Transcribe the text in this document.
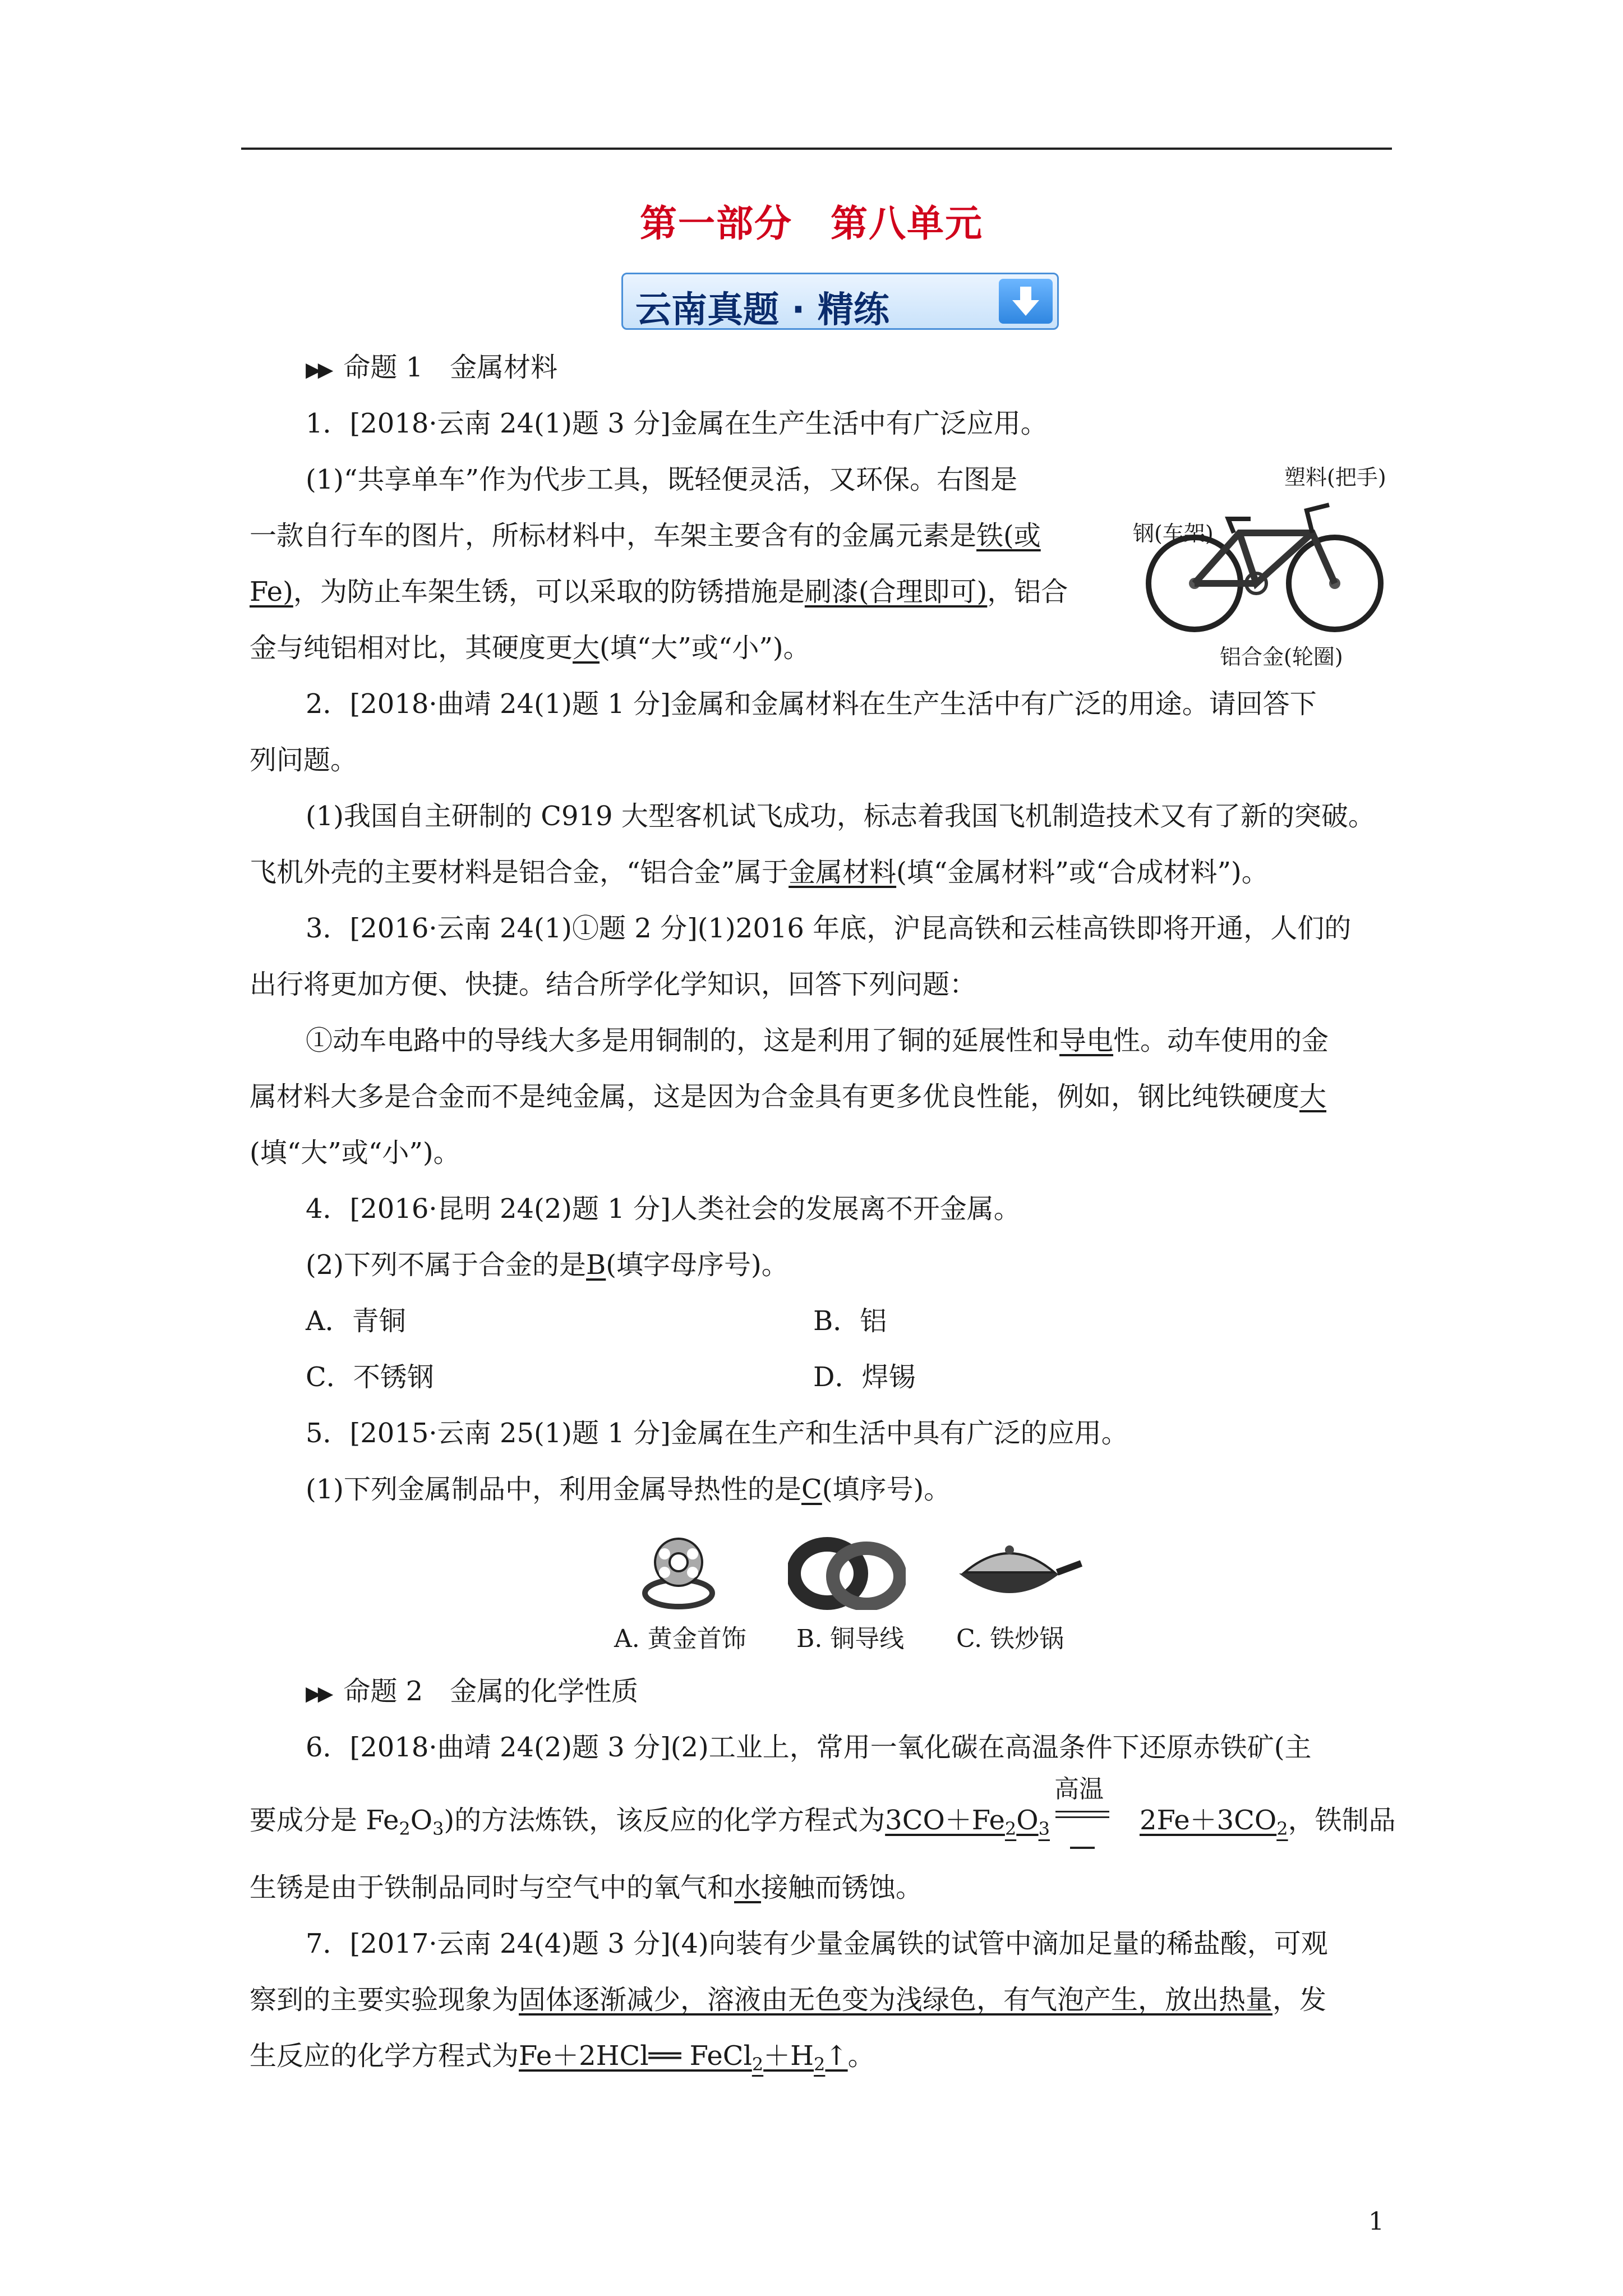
第一部分　第八单元
云南真题 · 精练
▶▶ 命题 1　金属材料
1．[2018·云南 24(1)题 3 分]金属在生产生活中有广泛应用。
(1)“共享单车”作为代步工具，既轻便灵活，又环保。右图是
一款自行车的图片，所标材料中，车架主要含有的金属元素是铁(或
Fe)，为防止车架生锈，可以采取的防锈措施是刷漆(合理即可)，铝合
金与纯铝相对比，其硬度更大(填“大”或“小”)。
塑料(把手)
钢(车架)
铝合金(轮圈)
2．[2018·曲靖 24(1)题 1 分]金属和金属材料在生产生活中有广泛的用途。请回答下
列问题。
(1)我国自主研制的 C919 大型客机试飞成功，标志着我国飞机制造技术又有了新的突破。
飞机外壳的主要材料是铝合金，“铝合金”属于金属材料(填“金属材料”或“合成材料”)。
3．[2016·云南 24(1)①题 2 分](1)2016 年底，沪昆高铁和云桂高铁即将开通，人们的
出行将更加方便、快捷。结合所学化学知识，回答下列问题：
①动车电路中的导线大多是用铜制的，这是利用了铜的延展性和导电性。动车使用的金
属材料大多是合金而不是纯金属，这是因为合金具有更多优良性能，例如，钢比纯铁硬度大
(填“大”或“小”)。
4．[2016·昆明 24(2)题 1 分]人类社会的发展离不开金属。
(2)下列不属于合金的是B(填字母序号)。
A．青铜	B．铝
C．不锈钢	D．焊锡
5．[2015·云南 25(1)题 1 分]金属在生产和生活中具有广泛的应用。
(1)下列金属制品中，利用金属导热性的是C(填序号)。
A. 黄金首饰 B. 铜导线 C. 铁炒锅
▶▶ 命题 2　金属的化学性质
6．[2018·曲靖 24(2)题 3 分](2)工业上，常用一氧化碳在高温条件下还原赤铁矿(主
要成分是 $Fe_2O_3$)的方法炼铁，该反应的化学方程式为$3CO+Fe_2O_3$	$2Fe+3CO_2$，铁制品
高温
生锈是由于铁制品同时与空气中的氧气和水接触而锈蚀。
7．[2017·云南 24(4)题 3 分](4)向装有少量金属铁的试管中滴加足量的稀盐酸，可观
察到的主要实验现象为固体逐渐减少，溶液由无色变为浅绿色，有气泡产生，放出热量，发
生反应的化学方程式为Fe＋2HCl══ $FeCl_2+H_2↑$。
1
